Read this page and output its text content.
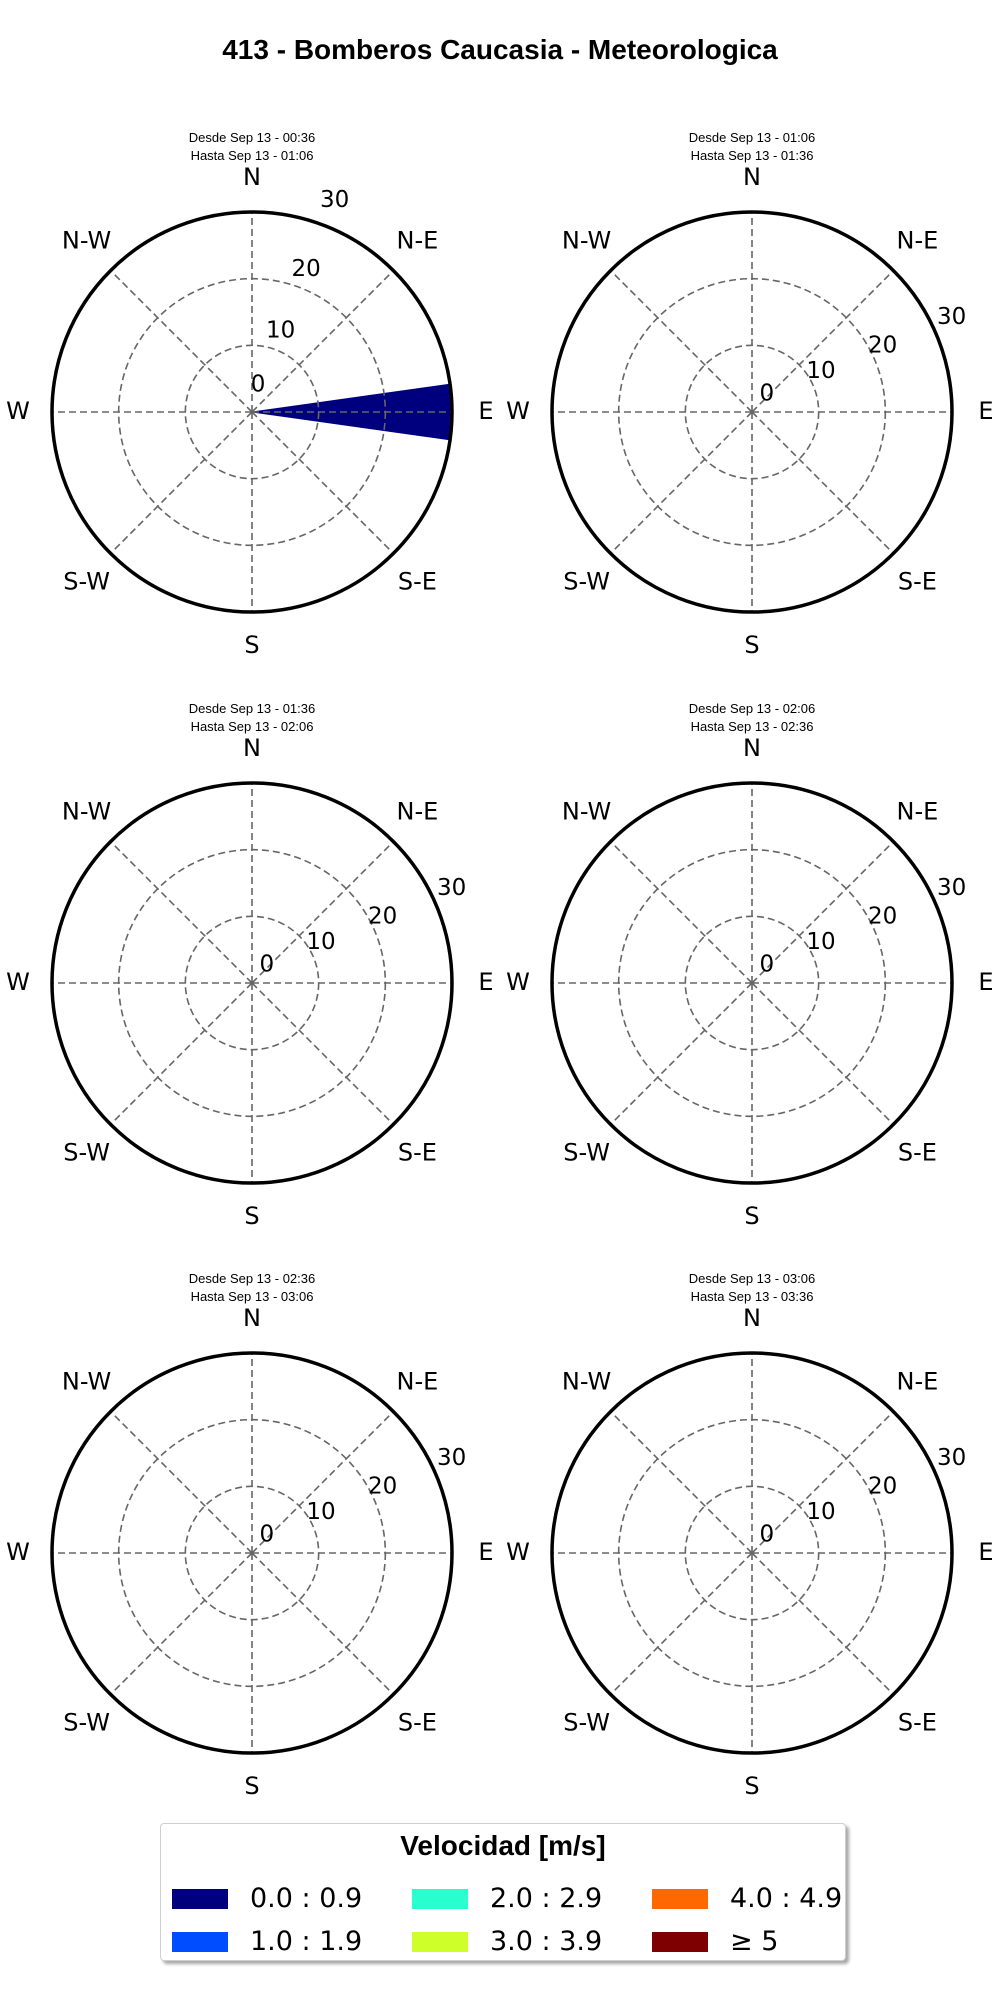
413 - Bomberos Caucasia - Meteorologica
Desde Sep 13 - 00:36
Hasta Sep 13 - 01:06
N
N-E
E
S-E
S
S-W
W
N-W
0
10
20
30
Desde Sep 13 - 01:06
Hasta Sep 13 - 01:36
N
N-E
E
S-E
S
S-W
W
N-W
0
10
20
30
Desde Sep 13 - 01:36
Hasta Sep 13 - 02:06
N
N-E
E
S-E
S
S-W
W
N-W
0
10
20
30
Desde Sep 13 - 02:06
Hasta Sep 13 - 02:36
N
N-E
E
S-E
S
S-W
W
N-W
0
10
20
30
Desde Sep 13 - 02:36
Hasta Sep 13 - 03:06
N
N-E
E
S-E
S
S-W
W
N-W
0
10
20
30
Desde Sep 13 - 03:06
Hasta Sep 13 - 03:36
N
N-E
E
S-E
S
S-W
W
N-W
0
10
20
30
Velocidad [m/s]
0.0 : 0.9
1.0 : 1.9
2.0 : 2.9
3.0 : 3.9
4.0 : 4.9
≥ 5
